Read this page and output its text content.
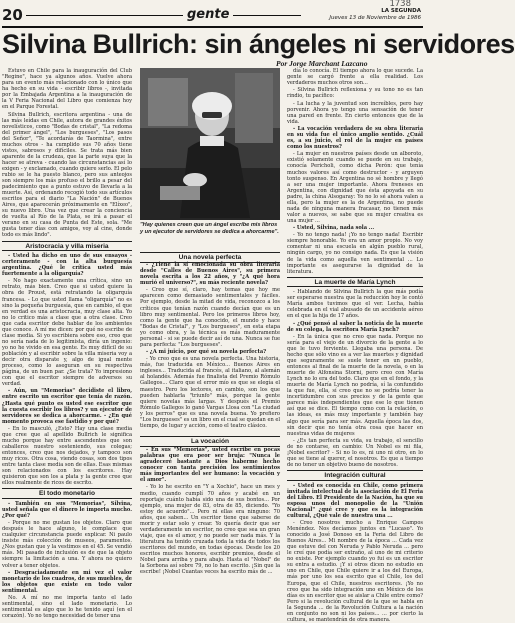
1738
20	gente	LA SEGUNDA
Jueves 13 de Noviembre de 1986
Silvina Bullrich: sin ángeles ni servidores
Por Jorge Marchant Lazcano

Estuvo en Chile para la inauguración del Club "Regine", hace ya algunos años. Vuelve ahora para un evento más relacionado con lo único que ha hecho en su vida - escribir libros -, invitada por la Embajada Argentina a la inauguración de la V Feria Nacional del Libro que comienza hoy en el Parque Forestal.

Silvina Bullrich, escritora argentina - una de las más leídas en Chile, autora de grandes éxitos novelísticos, como "Bodas de cristal", "La redoma del primer ángel", "Los burgueses", "Los pasos del Señor", "Te acordarás de Taormina", entre muchos otros - ha cumplido sus 70 años tiene vistos, sabrosos y difíciles. Se trata más bien aparente de la crudeza, que la parte suya que la hacer se atreva - cuando las circunstancias así lo exigen - y exclamado, cuando quiere serlo. El pelo rubio se le ha puesto blanco, pero sus anteojos son siempre los más profuso el brillo a pesar del padecimiento que a punto estuvo de llevarla a la muerte. Así, ordenando recogió todo sus artículos escritos para el diario "La Nación" de Buenos Aires, que aparecerán próximamente en "Elíxeo", su nuevo libro. Una vez que crear la conciencia de vuelta al Río de la Plata, se irá a pasar el verano en su casa de Punta del Este, sola. "Me gusta tener días con amigos, voy al cine, donde todo es más lindo".

Aristocracia y villa miseria

- Usted ha dicho en uno de sus ensayos - certeramente - con la alta burguesía argentina. ¿Qué le crítica usted más fuertemente a la oligarquía?

- No hago exactamente una crítica, sino un retrato, más bien. Creo que si usted quiere la obra de Proust, está retratando la oligarquía francesa. - Lo que usted llama "oligarquía" no es sino la pequeña burguesía, que en cambio, el que en verdad es una aristocracia, muy clase alta. Yo no lo critico más a clase que a otra clase. Creo que cada escritor debe hablar de los ambientes que conoce. A mí me dicen: por qué no escribe de clase media. Si yo escribiera sobre eso, creo que no sería nada de lo legitimista, diría un ingenio: yo no he vivido en esa gente. Es muy difícil de su población y al escribir sobre la villa miseria voy a decir otra disparate y, algo de igual mente proceso, como lo aseguran en su respectiva página, de un buen par. ¿Se trata? Yo impresiono con que el escritor siempre de adversos su verdad.

- Aún, un "Memorias" decidiste el libro, entre escrito un escritor que tenía de razón. ¿Hasta qué punto es usted ese escritor que la cuesta escribir los libros? y un ejecutor de servidores se dedica a ahorcarme. - ¿En qué momento provoca ese fastidio y por qué?

- En lo masculó, ¿Esto? Hay una clase media que cree que al apellido Bullrich le significa mucho porque hay entre ascendentes que son caballeros nuestro sosteniendo, sus colegas; entonces, creo que nos dejados, y tampoco son muy ricos. Otra cosa, viendo cosas, son dos tipos entre tanta clase media son de ellas. Esas mismas son relacionados con los escritores. Hay quisieron que son los a plata y la gente cree que ellos realmente de ricos de escrito.

El todo monetario

- También en sus "Memorias", Silvina, usted señala que el dinero le importa mucho. ¿Por qué?

- Porque no me gustan los objetos. Claro que después le hace alguno, le complace que cualquier circunstancia puede explicar. Ni paulo insiste más colección de museos, paramentos. ¿Nos gustan que y la vestimos en el 45. Se vendió más. Mi pasado de inclusión es de que la objeto siempre la limitación a una. Y ahora no quiero volver a tener objetos.

- Desgraciadamente en mi vez el valor monetario de los cuadros, de sus muebles, de los objetos que existe en todo valor sentimental.

No. A mí no me importa tanto el lado sentimental, sino el lado monetario. Lo sentimental es algo que lo he tenido aquí (en el corazón). Yo no tengo necesidad de tener una

"Hay quienes creen que un ángel escribe mis libros y un ejecutor de servidores se dedica a ahorcarme".
Una novela perfecta

- ¿Tiene la sí emocionada su obra literaria desde "Calles de Buenos Aires", su primera novela escrita a los 22 años, y "¿A qué hora murió el universo?", su más reciente novela?

- Creo que sí, claro, hay temas que hoy me aparecen como demasiado sentimentales y fáciles. Por ejemplo, desde la mitad de vida, reconozco a los críticos que tenían razón cuando decían que es un libro muy sentimental. Pero los primeros libros hoy, como la gente que ha conocido, el mundo y hace "Bodas de Cristal", y "Los burgueses", en esta etapa yo como obra, y la técnica es más maduramente personal - si se puede decir así de una. Nunca se fue para perfecta: "Los burgueses".

- ¿A mi juicio, por qué su novela perfecta?

- Yo creo que es una novela perfecta. Una historia, más, fue traducida en México... Buenos Aires en ingleses... Traducida al francés, al italiano, al alemán al holandés. Además fue finalista del Premio Rómulo Gallegos... Claro que el error mío es que se elegía el maestro. Pero los lectores, en cambio, son los que pueden hablarla "triunfo" más, porque la gente quiere novelas más largas. Y después el Premio Rómulo Gallegos lo ganó Vargas Llosa con "La ciudad y los perros" que es una novela buena. Yo prefiero "Los burgueses" es un libro en el cual se quedan en el tiempo, de lugar y acción, como el teatro clásico.

La vocación

- En sus "Memorias", usted escribe en pocas palabras que era peor ser bruja: "Nunca le agradeceré bastante a Dios haberme hecho conocer con tanta precisión los sentimientos más importantes del ser humano: la vocación y el amor".

- Yo lo he escrito en "Y a Xochio", hace un mes y medio, cuando cumplí 70 años y acabé en un reportaje cuánto había sido una de sus bontos... Por ejemplo, una mujer de 83, otra de 85, diciendo. "Yo estoy de acuerdo"... Pero ni ellas era ninguno: 70 años, que saben... Un escritor tiene que saberse de morir y estar solo y crear. Yo quería decir que ser verdaderamente un escritor, no creo que sea un gran viaje, que es el amor, y no puede ser nada más. Y la literatura ha tenido cruzada toda la vida de todos los escritores del mundo, en todas épocas. Desde los 20 escritos muchos honores, escribir premios, desde el Nobel para arriba y para abajo. Hasta el "Nobel" de la Sorbona así sobre 79, no lo han escrito. ¡Sin que la escribe! ¡Nobel Cuantas veces ha escrito más de ...

día lo conocía. El tiempo ahora lo que sucede. La gente se cargó frente a ella realidad. Los verdaderos muchos otros son...

- Silvina Bullrich reflexiona y su tono no es tan rindio, tu pacífico:

- La lucha y la juventud son increíbles, pero hay porvenir. Ahora yo tengo una sensación de tener una pared en frente. En cierto entonces que de la vida.

- La vocación verdadera de su obra literaria en su vida fue el único amplio sentido. ¿Cuál es, a su juicio, el rol de la mujer en países como los nuestros?

- La mujer en nuestros países desde un alboroto, existió solamente cuando se puede en su trabajo, conocía Pericholi, como dicha Perón: que tenía muchos valores así como destructor - y arguyen tonto suspenso. En Argentina no sé hombre y llegó a ser una mujer importante. Ahora freneses en Argentina, con dignidad que ésta apoyada en su padre, la china Alsogaray: Yo no lo sé ahora valen a ella, pero la mujer es la de Argentina, no puede nada de ninguna manera fracasar, no tienen más valor a nuevos, se sabe que su mujer creativa es una mujer ...

- Usted, Silvina, nada sola ...

- Yo no tengo nada! ¡Yo no tengo nada! Escribir siempre honorable. Yo era un amor propio. No voy comentar ni una escuela en algún pueblo rural, ningún cargo, yo no consigo nada. Es que la visión de la vida como aquella ven sentimental ... Lo importante es asegurarse la dignidad de la literatura.

La muerte de María Lynch

- Hablando de Silvina Bullrich la que más podía ser esperarse nuestra que la reducción hoy le contó María ambos tuvimos que el ver. Lecha, había celebrada en el vial abusado de un accidente aéreo en el que la hija de 17 años.

- ¿Qué pensó al saber la noticia de la muerte de su colega, la escritora María Lynch?

- En la única que no creo que nada. Porque no sería para el viejo de un divorcio de la gente a lo que le tuvo ferviente. Llegaba una persona. De hecho que sólo vino es a ver las muertes y dignidad que seguramente se suele tener en un pueblo, entonces al final de la muerte de la novela, o en la muerte de Alfonsina Storni, pero creo con María Lynch no lo era del todo. Claro que en el fondo, y la muerte de María Lynch no podría, sí la confundido la que fue, ella, sí creo que no se podría tener la incertidumbre con sus precios y de la gente que parece más independientes que ese lo que tienen así que se dice. El tiempo como con la relación, o las ideas, es más muy importante y también hay algo que sería para ser más. Aquella época las dos, sin decir que no tenía otra cosa que hacer en nuestras vidas de mujeres

- ¿Es tan perfecta su vida, su trabajo, el sencillo de no contarse, en cambio: Un Nobel es mi fila, ¡Nobel escritor? - Si no lo es, ni uno ni otro, en lo que se tiene al querer, el nosotros. Es que a tiempo de no tener un objetivo bueno de nosotros.

Integración cultural

- Usted es conocida en Chile, como primera invitada intelectual de la asociación de El Feria del Libro. El Presidente de la Nación, ha que su esposa unos del monopolio de la "Unión Nacional" ¿qué cree y que es la integración cultural, ¿Qué vale de nuestra una ...

- Creo nosotros mucho a Enrique Campos Menéndez. Nos decíamos juntos en "Lucaso". Yo conocido a José Donoso en la Feria del Libro de Buenos Aires... Mi nombre de la época ... Cada vez que estuve del con Neruda y Pablo Neruda ... pero le creí que podía ser extraño, al uno de mi criterio no existe. Por ejemplo cuando yo fui es un escritor su entra a estudio. ¡Y si otros dicen no estudio en uno en Chile, que Chile quiere ir a los del Europa, más por uno los sea escrito que el Chile, los del Europa, que el Chile, nuestros escritores. ¡Yo no creo que ha sido integración uno en México de los días es un escritor que se aislar a Chile entre como? Pero si la revolución cultural de la que se habla en la Segunda ... de la Revolución Cultura a la nación en conjunto no son ni los países... ... por cierto la cultura, se mantendrán de otra manera.
